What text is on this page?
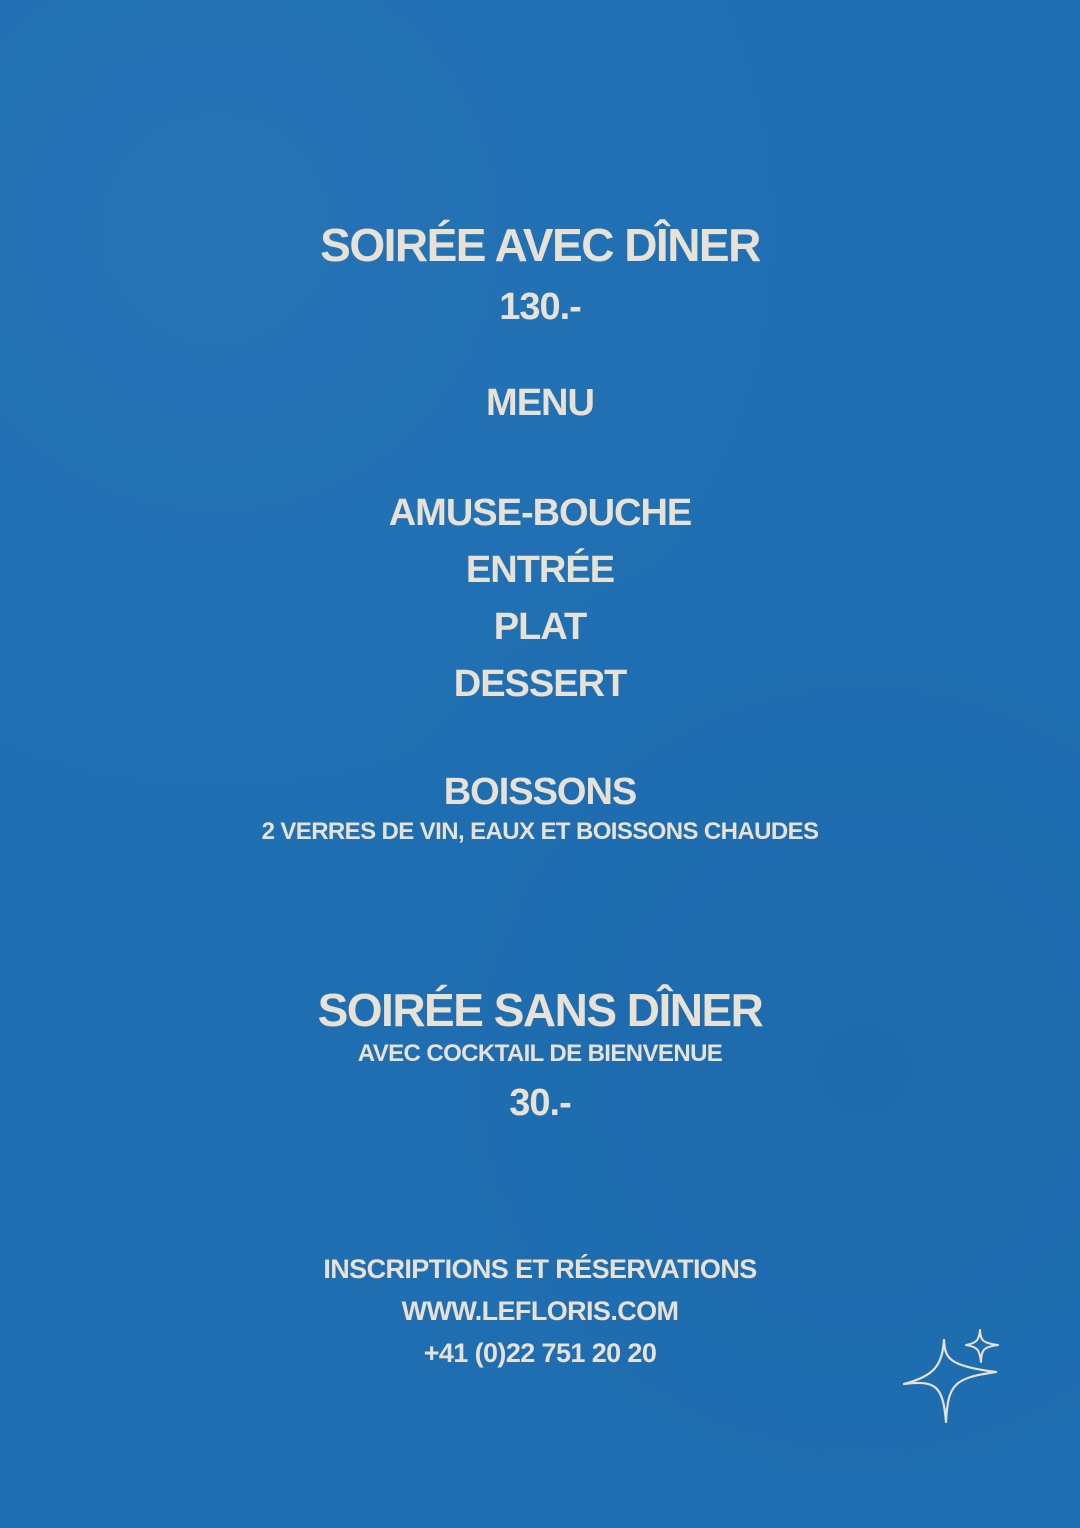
SOIRÉE AVEC DÎNER

130.-

MENU

AMUSE-BOUCHE

ENTRÉE

PLAT

DESSERT

BOISSONS

2 VERRES DE VIN, EAUX ET BOISSONS CHAUDES

SOIRÉE SANS DÎNER

AVEC COCKTAIL DE BIENVENUE

30.-

INSCRIPTIONS ET RÉSERVATIONS

WWW.LEFLORIS.COM

+41 (0)22 751 20 20
